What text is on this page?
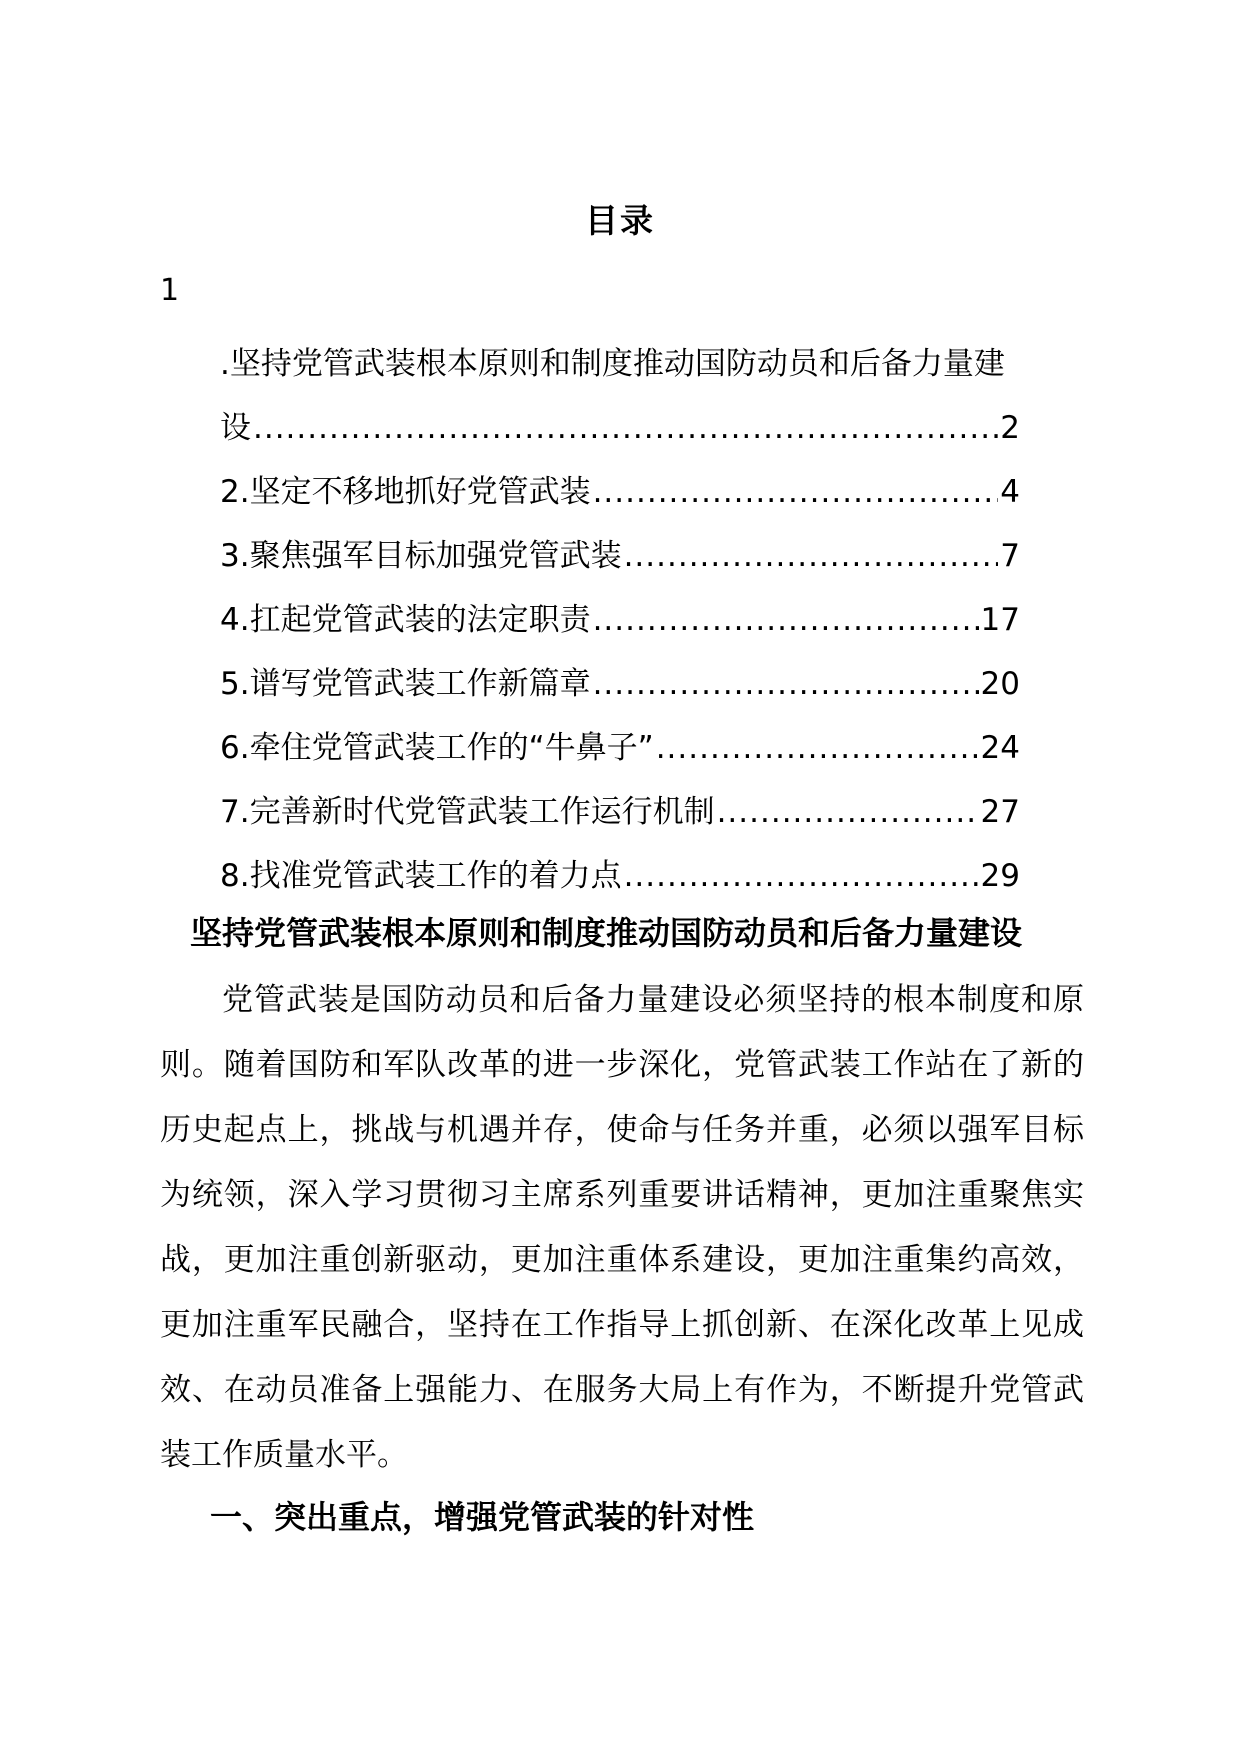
目录
1
.坚持党管武装根本原则和制度推动国防动员和后备力量建
设 .....	2
2.坚定不移地抓好党管武装 .....	4
3.聚焦强军目标加强党管武装 .....	7
4.扛起党管武装的法定职责 .....	17
5.谱写党管武装工作新篇章 .....	20
6.牵住党管武装工作的“牛鼻子” .....	24
7.完善新时代党管武装工作运行机制 .....	27
8.找准党管武装工作的着力点 .....	29
坚持党管武装根本原则和制度推动国防动员和后备力量建设

党管武装是国防动员和后备力量建设必须坚持的根本制度和原则。随着国防和军队改革的进一步深化，党管武装工作站在了新的历史起点上，挑战与机遇并存，使命与任务并重，必须以强军目标为统领，深入学习贯彻习主席系列重要讲话精神，更加注重聚焦实战，更加注重创新驱动，更加注重体系建设，更加注重集约高效，更加注重军民融合，坚持在工作指导上抓创新、在深化改革上见成效、在动员准备上强能力、在服务大局上有作为，不断提升党管武装工作质量水平。

一、突出重点，增强党管武装的针对性
